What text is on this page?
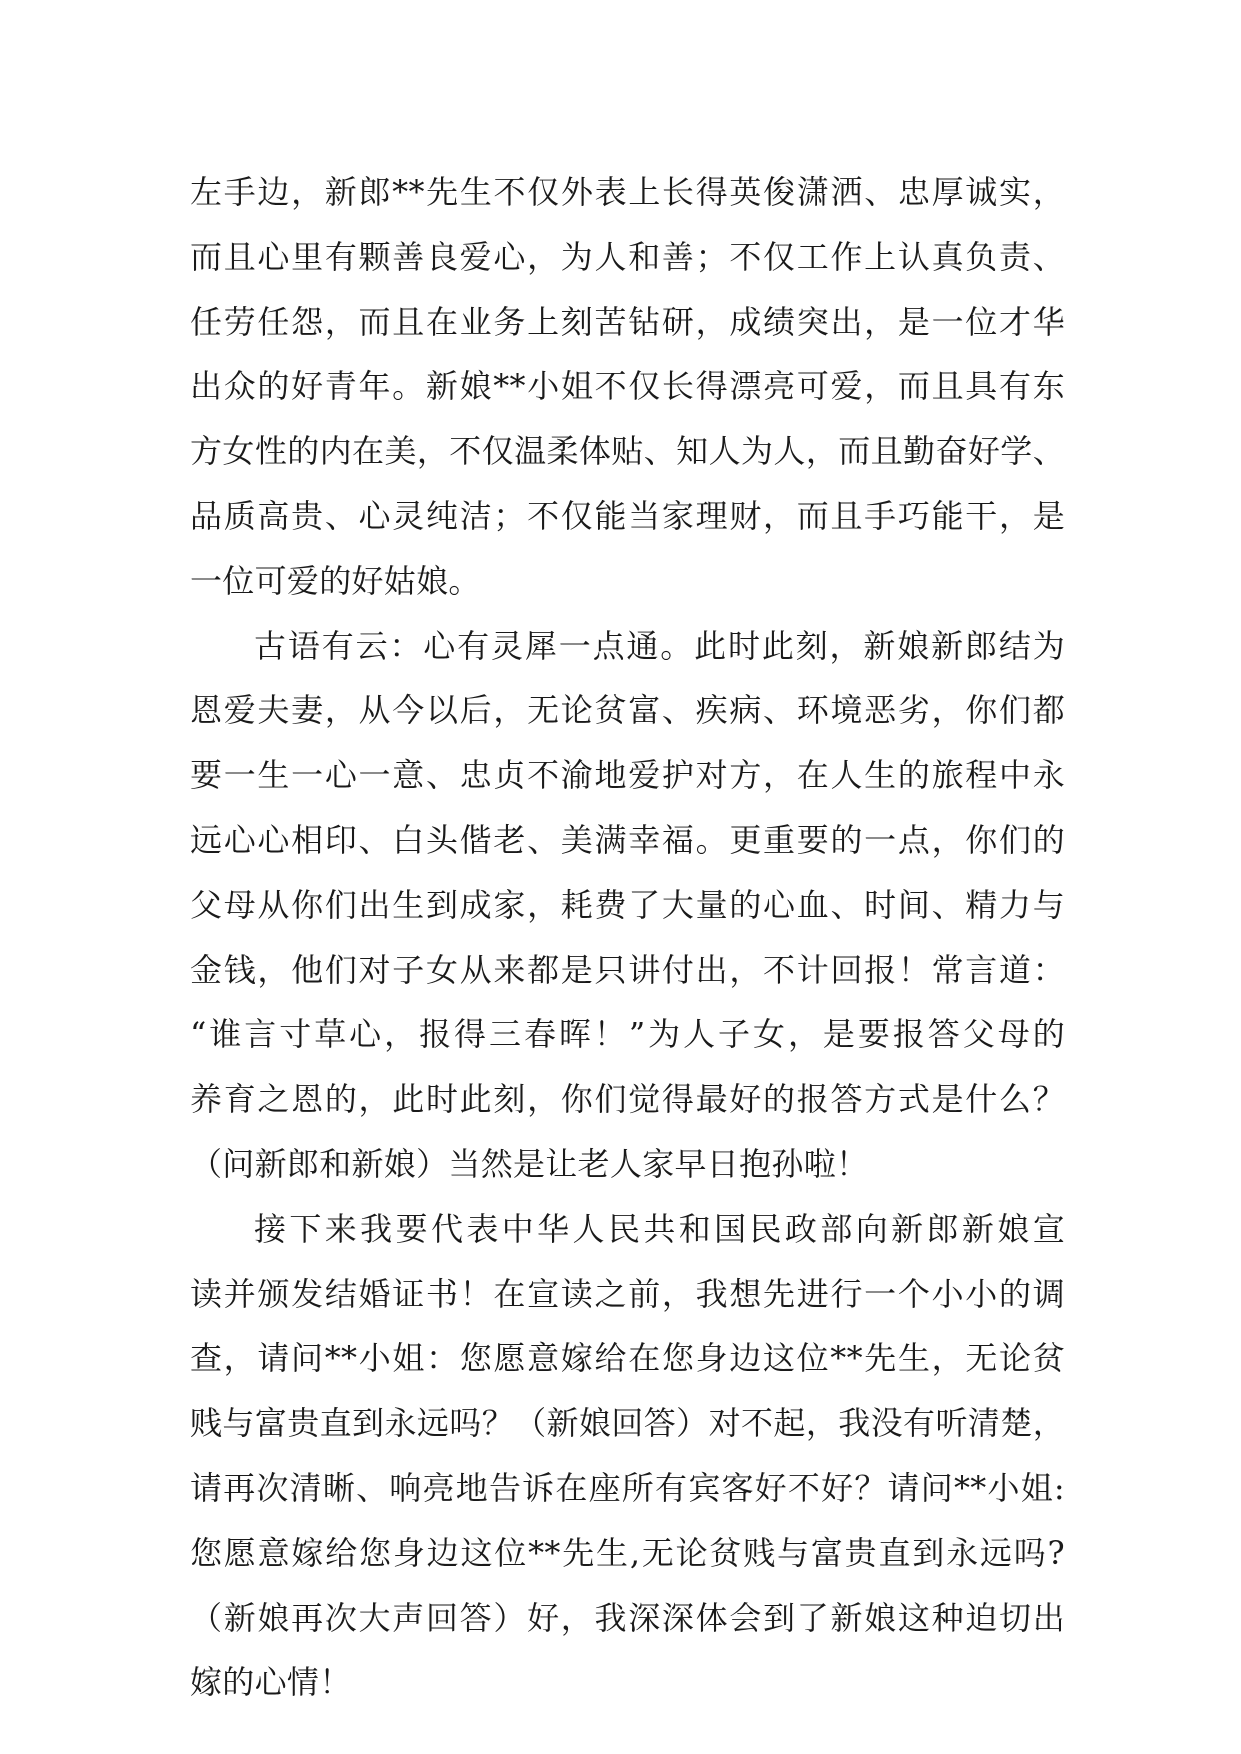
左手边，新郎**先生不仅外表上长得英俊潇洒、忠厚诚实，
而且心里有颗善良爱心，为人和善；不仅工作上认真负责、
任劳任怨，而且在业务上刻苦钻研，成绩突出，是一位才华
出众的好青年。新娘**小姐不仅长得漂亮可爱，而且具有东
方女性的内在美，不仅温柔体贴、知人为人，而且勤奋好学、
品质高贵、心灵纯洁；不仅能当家理财，而且手巧能干，是
一位可爱的好姑娘。
古语有云：心有灵犀一点通。此时此刻，新娘新郎结为
恩爱夫妻，从今以后，无论贫富、疾病、环境恶劣，你们都
要一生一心一意、忠贞不渝地爱护对方，在人生的旅程中永
远心心相印、白头偕老、美满幸福。更重要的一点，你们的
父母从你们出生到成家，耗费了大量的心血、时间、精力与
金钱，他们对子女从来都是只讲付出，不计回报！常言道：
“谁言寸草心，报得三春晖！”为人子女，是要报答父母的
养育之恩的，此时此刻，你们觉得最好的报答方式是什么？
（问新郎和新娘）当然是让老人家早日抱孙啦！
接下来我要代表中华人民共和国民政部向新郎新娘宣
读并颁发结婚证书！在宣读之前，我想先进行一个小小的调
查，请问**小姐：您愿意嫁给在您身边这位**先生，无论贫
贱与富贵直到永远吗？（新娘回答）对不起，我没有听清楚，
请再次清晰、响亮地告诉在座所有宾客好不好？请问**小姐:
您愿意嫁给您身边这位**先生,无论贫贱与富贵直到永远吗?
（新娘再次大声回答）好，我深深体会到了新娘这种迫切出
嫁的心情！
